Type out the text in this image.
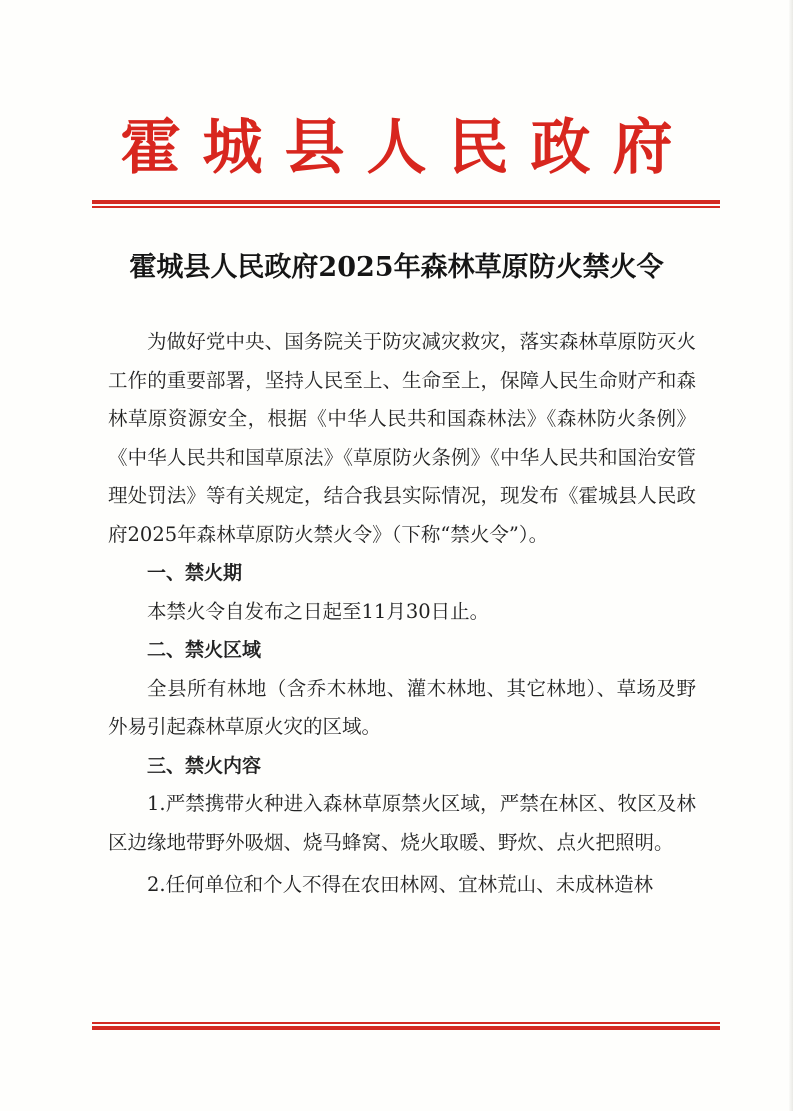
霍城县人民政府
霍城县人民政府2025年森林草原防火禁火令

为做好党中央、国务院关于防灾减灾救灾，落实森林草原防灭火工作的重要部署，坚持人民至上、生命至上，保障人民生命财产和森林草原资源安全，根据《中华人民共和国森林法》《森林防火条例》《中华人民共和国草原法》《草原防火条例》《中华人民共和国治安管理处罚法》等有关规定，结合我县实际情况，现发布《霍城县人民政府2025年森林草原防火禁火令》（下称“禁火令”）。

一、禁火期

本禁火令自发布之日起至11月30日止。

二、禁火区域

全县所有林地（含乔木林地、灌木林地、其它林地）、草场及野外易引起森林草原火灾的区域。

三、禁火内容

1.严禁携带火种进入森林草原禁火区域，严禁在林区、牧区及林区边缘地带野外吸烟、烧马蜂窝、烧火取暖、野炊、点火把照明。

2.任何单位和个人不得在农田林网、宜林荒山、未成林造林
